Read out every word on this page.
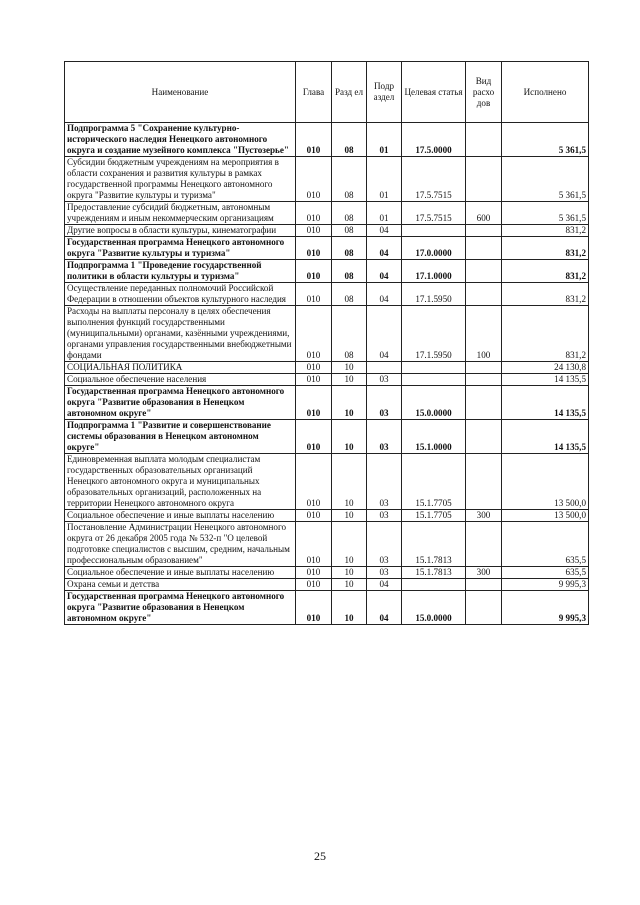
Наименование	Глава	Разд ел	Подр аздел	Целевая статья	Вид расхо дов	Исполнено
Подпрограмма 5 "Сохранение культурно-исторического наследия Ненецкого автономного округа и создание музейного комплекса "Пустозерье"	010	08	01	17.5.0000		5 361,5
Субсидии бюджетным учреждениям на мероприятия в области сохранения и развития культуры в рамках государственной программы Ненецкого автономного округа "Развитие культуры и туризма"	010	08	01	17.5.7515		5 361,5
Предоставление субсидий бюджетным, автономным учреждениям и иным некоммерческим организациям	010	08	01	17.5.7515	600	5 361,5
Другие вопросы в области культуры, кинематографии	010	08	04			831,2
Государственная программа Ненецкого автономного округа "Развитие культуры и туризма"	010	08	04	17.0.0000		831,2
Подпрограмма 1 "Проведение государственной политики в области культуры и туризма"	010	08	04	17.1.0000		831,2
Осуществление переданных полномочий Российской Федерации в отношении объектов культурного наследия	010	08	04	17.1.5950		831,2
Расходы на выплаты персоналу в целях обеспечения выполнения функций государственными (муниципальными) органами, казёнными учреждениями, органами управления государственными внебюджетными фондами	010	08	04	17.1.5950	100	831,2
СОЦИАЛЬНАЯ ПОЛИТИКА	010	10				24 130,8
Социальное обеспечение населения	010	10	03			14 135,5
Государственная программа Ненецкого автономного округа "Развитие образования в Ненецком автономном округе"	010	10	03	15.0.0000		14 135,5
Подпрограмма 1 "Развитие и совершенствование системы образования в Ненецком автономном округе"	010	10	03	15.1.0000		14 135,5
Единовременная выплата молодым специалистам государственных образовательных организаций Ненецкого автономного округа и муниципальных образовательных организаций, расположенных на территории Ненецкого автономного округа	010	10	03	15.1.7705		13 500,0
Социальное обеспечение и иные выплаты населению	010	10	03	15.1.7705	300	13 500,0
Постановление Администрации Ненецкого автономного округа от 26 декабря 2005 года № 532-п "О целевой подготовке специалистов с высшим, средним, начальным профессиональным образованием"	010	10	03	15.1.7813		635,5
Социальное обеспечение и иные выплаты населению	010	10	03	15.1.7813	300	635,5
Охрана семьи и детства	010	10	04			9 995,3
Государственная программа Ненецкого автономного округа "Развитие образования в Ненецком автономном округе"	010	10	04	15.0.0000		9 995,3
25
